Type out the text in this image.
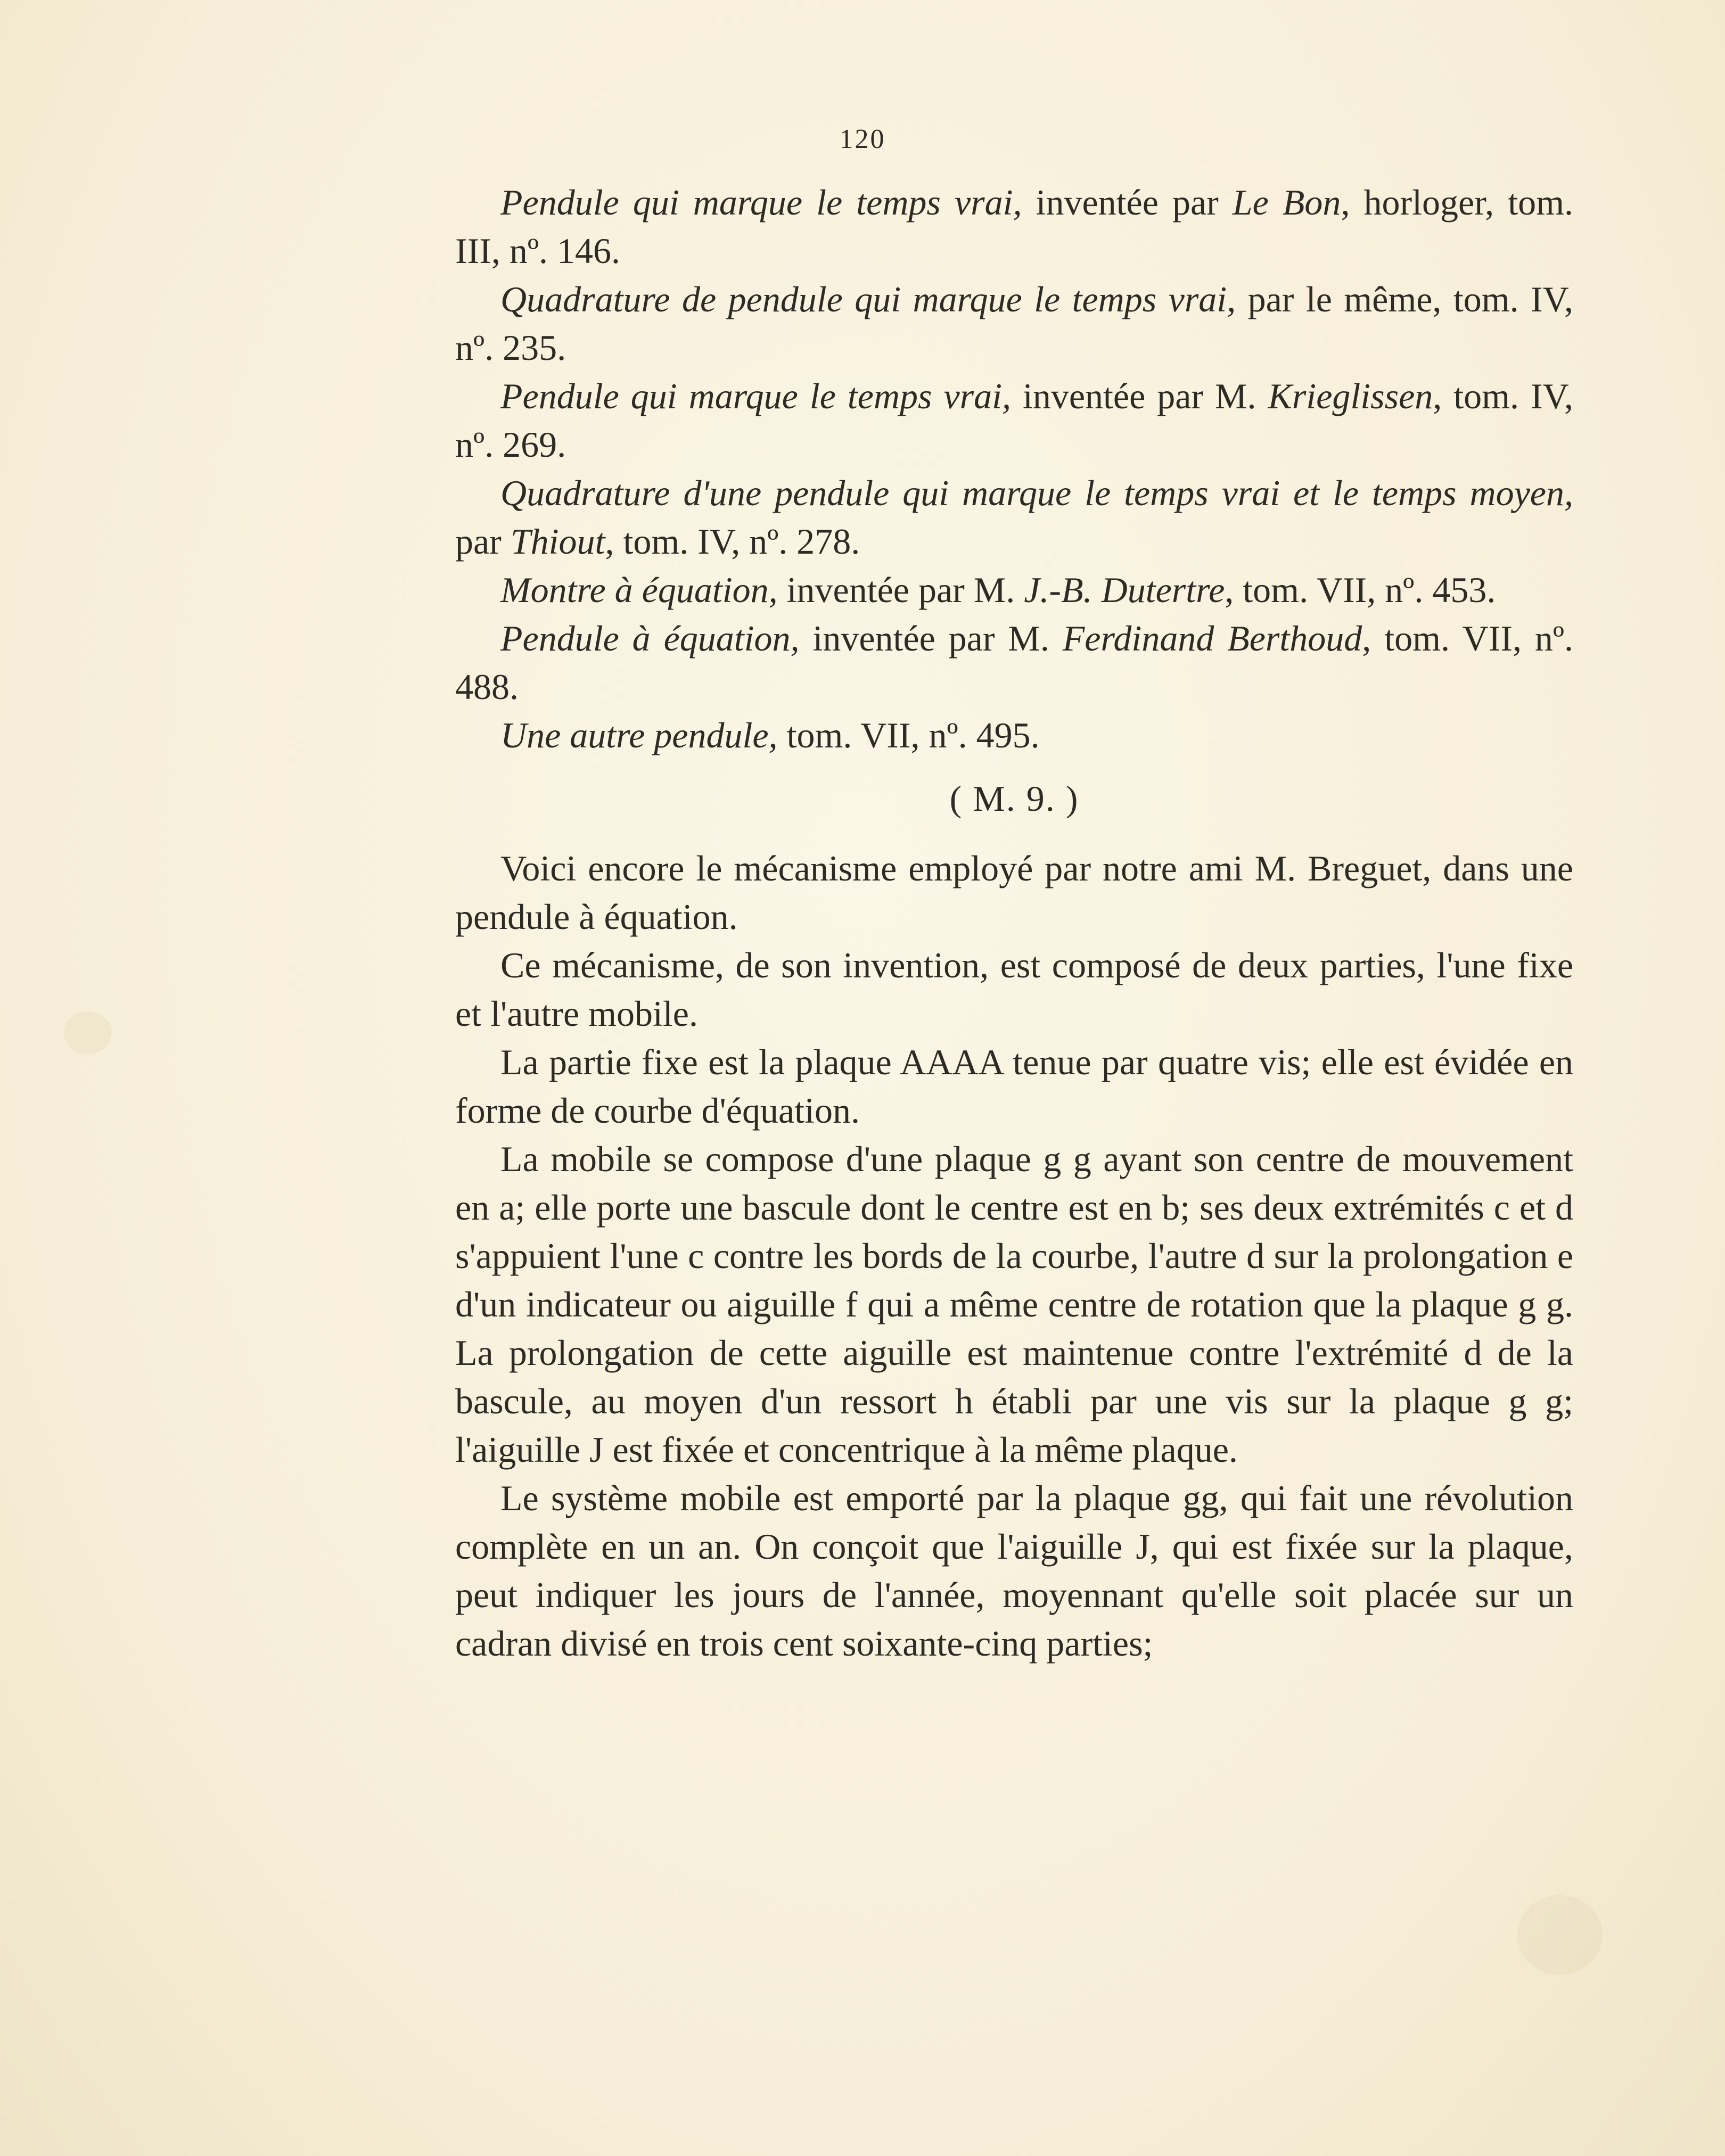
120

Pendule qui marque le temps vrai, inventée par Le Bon, horloger, tom. III, nº. 146.

Quadrature de pendule qui marque le temps vrai, par le même, tom. IV, nº. 235.

Pendule qui marque le temps vrai, inventée par M. Krieglissen, tom. IV, nº. 269.

Quadrature d'une pendule qui marque le temps vrai et le temps moyen, par Thiout, tom. IV, nº. 278.

Montre à équation, inventée par M. J.-B. Dutertre, tom. VII, nº. 453.

Pendule à équation, inventée par M. Ferdinand Berthoud, tom. VII, nº. 488.

Une autre pendule, tom. VII, nº. 495.

( M. 9. )

Voici encore le mécanisme employé par notre ami M. Breguet, dans une pendule à équation.

Ce mécanisme, de son invention, est composé de deux parties, l'une fixe et l'autre mobile.

La partie fixe est la plaque AAAA tenue par quatre vis; elle est évidée en forme de courbe d'équation.

La mobile se compose d'une plaque g g ayant son centre de mouvement en a; elle porte une bascule dont le centre est en b; ses deux extrémités c et d s'appuient l'une c contre les bords de la courbe, l'autre d sur la prolongation e d'un indicateur ou aiguille f qui a même centre de rotation que la plaque g g. La prolongation de cette aiguille est maintenue contre l'extrémité d de la bascule, au moyen d'un ressort h établi par une vis sur la plaque g g; l'aiguille J est fixée et concentrique à la même plaque.

Le système mobile est emporté par la plaque gg, qui fait une révolution complète en un an. On conçoit que l'aiguille J, qui est fixée sur la plaque, peut indiquer les jours de l'année, moyennant qu'elle soit placée sur un cadran divisé en trois cent soixante-cinq parties;
